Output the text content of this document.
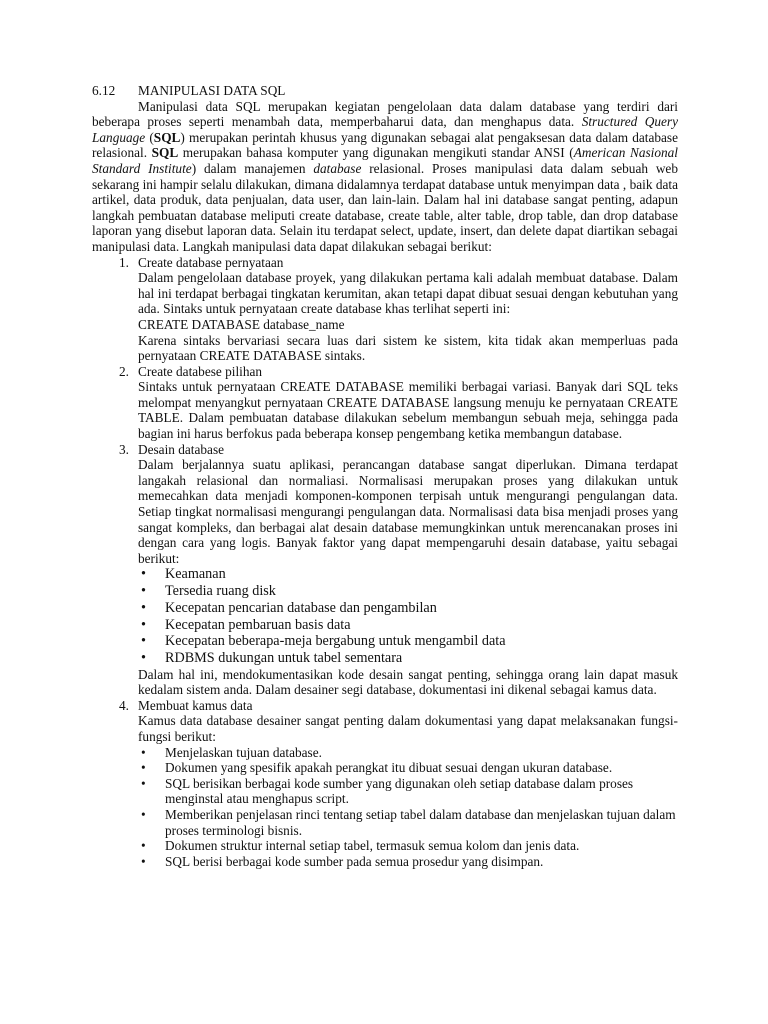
6.12	MANIPULASI DATA SQL

Manipulasi data SQL merupakan kegiatan pengelolaan data dalam database yang terdiri dari beberapa proses seperti menambah data, memperbaharui data, dan menghapus data. Structured Query Language (SQL) merupakan perintah khusus yang digunakan sebagai alat pengaksesan data dalam database relasional. SQL merupakan bahasa komputer yang digunakan mengikuti standar ANSI (American Nasional Standard Institute) dalam manajemen database relasional. Proses manipulasi data dalam sebuah web sekarang ini hampir selalu dilakukan, dimana didalamnya terdapat database untuk menyimpan data , baik data artikel, data produk, data penjualan, data user, dan lain-lain. Dalam hal ini database sangat penting, adapun langkah pembuatan database meliputi create database, create table, alter table, drop table, dan drop database laporan yang disebut laporan data. Selain itu terdapat select, update, insert, dan delete dapat diartikan sebagai manipulasi data. Langkah manipulasi data dapat dilakukan sebagai berikut:

1. Create database pernyataan

Dalam pengelolaan database proyek, yang dilakukan pertama kali adalah membuat database. Dalam hal ini terdapat berbagai tingkatan kerumitan, akan tetapi dapat dibuat sesuai dengan kebutuhan yang ada. Sintaks untuk pernyataan create database khas terlihat seperti ini:

CREATE DATABASE database_name

Karena sintaks bervariasi secara luas dari sistem ke sistem, kita tidak akan memperluas pada pernyataan CREATE DATABASE sintaks.

2. Create databese pilihan

Sintaks untuk pernyataan CREATE DATABASE memiliki berbagai variasi. Banyak dari SQL teks melompat menyangkut pernyataan CREATE DATABASE langsung menuju ke pernyataan CREATE TABLE. Dalam pembuatan database dilakukan sebelum membangun sebuah meja, sehingga pada bagian ini harus berfokus pada beberapa konsep pengembang ketika membangun database.

3. Desain database

Dalam berjalannya suatu aplikasi, perancangan database sangat diperlukan. Dimana terdapat langakah relasional dan normaliasi. Normalisasi merupakan proses yang dilakukan untuk memecahkan data menjadi komponen-komponen terpisah untuk mengurangi pengulangan data. Setiap tingkat normalisasi mengurangi pengulangan data. Normalisasi data bisa menjadi proses yang sangat kompleks, dan berbagai alat desain database memungkinkan untuk merencanakan proses ini dengan cara yang logis. Banyak faktor yang dapat mempengaruhi desain database, yaitu sebagai berikut:

• Keamanan
• Tersedia ruang disk
• Kecepatan pencarian database dan pengambilan
• Kecepatan pembaruan basis data
• Kecepatan beberapa-meja bergabung untuk mengambil data
• RDBMS dukungan untuk tabel sementara

Dalam hal ini, mendokumentasikan kode desain sangat penting, sehingga orang lain dapat masuk kedalam sistem anda. Dalam desainer segi database, dokumentasi ini dikenal sebagai kamus data.

4. Membuat kamus data

Kamus data database desainer sangat penting dalam dokumentasi yang dapat melaksanakan fungsi-fungsi berikut:

• Menjelaskan tujuan database.
• Dokumen yang spesifik apakah perangkat itu dibuat sesuai dengan ukuran database.
• SQL berisikan berbagai kode sumber yang digunakan oleh setiap database dalam proses menginstal atau menghapus script.
• Memberikan penjelasan rinci tentang setiap tabel dalam database dan menjelaskan tujuan dalam proses terminologi bisnis.
• Dokumen struktur internal setiap tabel, termasuk semua kolom dan jenis data.
• SQL berisi berbagai kode sumber pada semua prosedur yang disimpan.
